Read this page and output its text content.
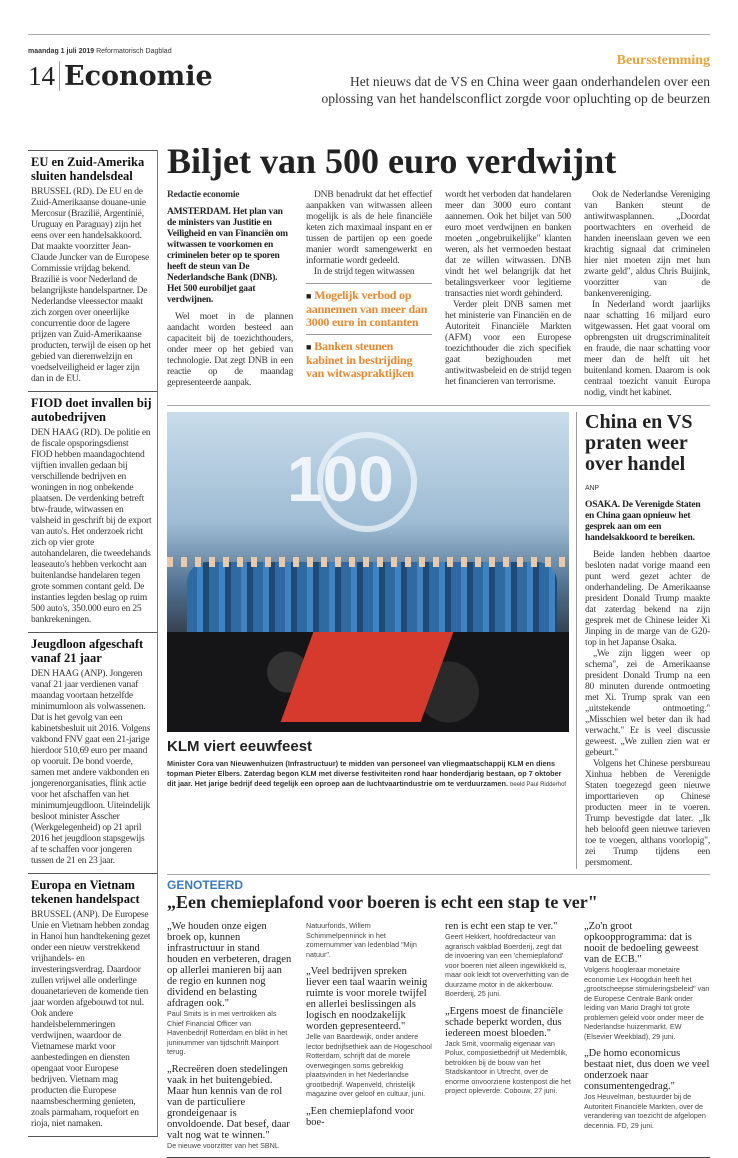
maandag 1 juli 2019 Reformatorisch Dagblad
14 Economie
Beursstemming
Het nieuws dat de VS en China weer gaan onderhandelen over een oplossing van het handelsconflict zorgde voor opluchting op de beurzen
EU en Zuid-Amerika sluiten handelsdeal
BRUSSEL (RD). De EU en de Zuid-Amerikaanse douane-unie Mercosur (Brazilië, Argentinië, Uruguay en Paraguay) zijn het eens over een handelsakkoord. Dat maakte voorzitter Jean-Claude Juncker van de Europese Commissie vrijdag bekend. Brazilië is voor Nederland de belangrijkste handelspartner. De Nederlandse vleessector maakt zich zorgen over oneerlijke concurrentie door de lagere prijzen van Zuid-Amerikaanse producten, terwijl de eisen op het gebied van dierenwelzijn en voedselveiligheid er lager zijn dan in de EU.
FIOD doet invallen bij autobedrijven
DEN HAAG (RD). De politie en de fiscale opsporingsdienst FIOD hebben maandagochtend vijftien invallen gedaan bij verschillende bedrijven en woningen in nog onbekende plaatsen. De verdenking betreft btw-fraude, witwassen en valsheid in geschrift bij de export van auto's. Het onderzoek richt zich op vier grote autohandelaren, die tweedehands leaseauto's hebben verkocht aan buitenlandse handelaren tegen grote sommen contant geld. De instanties legden beslag op ruim 500 auto's, 350.000 euro en 25 bankrekeningen.
Jeugdloon afgeschaft vanaf 21 jaar
DEN HAAG (ANP). Jongeren vanaf 21 jaar verdienen vanaf maandag voortaan hetzelfde minimumloon als volwassenen. Dat is het gevolg van een kabinetsbesluit uit 2016. Volgens vakbond FNV gaat een 21-jarige hierdoor 510,69 euro per maand op vooruit. De bond voerde, samen met andere vakbonden en jongerenorganisaties, flink actie voor het afschaffen van het minimumjeugdloon. Uiteindelijk besloot minister Asscher (Werkgelegenheid) op 21 april 2016 het jeugdloon stapsgewijs af te schaffen voor jongeren tussen de 21 en 23 jaar.
Europa en Vietnam tekenen handelspact
BRUSSEL (ANP). De Europese Unie en Vietnam hebben zondag in Hanoi hun handtekening gezet onder een nieuw verstrekkend vrijhandels- en investeringsverdrag. Daardoor zullen vrijwel alle onderlinge douanetarieven de komende tien jaar worden afgebouwd tot nul. Ook andere handelsbelemmeringen verdwijnen, waardoor de Vietnamese markt voor aanbestedingen en diensten opengaat voor Europese bedrijven. Vietnam mag producten die Europese naamsbescherming genieten, zoals parmaham, roquefort en rioja, niet namaken.
Biljet van 500 euro verdwijnt
Redactie economie
AMSTERDAM. Het plan van de ministers van Justitie en Veiligheid en van Financiën om witwassen te voorkomen en criminelen beter op te sporen heeft de steun van De Nederlandsche Bank (DNB). Het 500 eurobiljet gaat verdwijnen.

Wel moet in de plannen aandacht worden besteed aan capaciteit bij de toezichthouders, onder meer op het gebied van technologie. Dat zegt DNB in een reactie op de maandag gepresenteerde aanpak.

DNB benadrukt dat het effectief aanpakken van witwassen alleen mogelijk is als de hele financiële keten zich maximaal inspant en er tussen de partijen op een goede manier wordt samengewerkt en informatie wordt gedeeld.

In de strijd tegen witwassen

■ Mogelijk verbod op aannemen van meer dan 3000 euro in contanten
■ Banken steunen kabinet in bestrijding van witwaspraktijken

wordt het verboden dat handelaren meer dan 3000 euro contant aannemen. Ook het biljet van 500 euro moet verdwijnen en banken moeten „ongebruikelijke" klanten weren, als het vermoeden bestaat dat ze willen witwassen. DNB vindt het wel belangrijk dat het betalingsverkeer voor legitieme transacties niet wordt gehinderd.

Verder pleit DNB samen met het ministerie van Financiën en de Autoriteit Financiële Markten (AFM) voor een Europese toezichthouder die zich specifiek gaat bezighouden met antiwitwasbeleid en de strijd tegen het financieren van terrorisme.

Ook de Nederlandse Vereniging van Banken steunt de antiwitwasplannen. „Doordat poortwachters en overheid de handen ineenslaan geven we een krachtig signaal dat criminelen hier niet moeten zijn met hun zwarte geld", aldus Chris Buijink, voorzitter van de bankenvereniging.

In Nederland wordt jaarlijks naar schatting 16 miljard euro witgewassen. Het gaat vooral om opbrengsten uit drugscriminaliteit en fraude, die naar schatting voor meer dan de helft uit het buitenland komen. Daarom is ook centraal toezicht vanuit Europa nodig, vindt het kabinet.

100
KLM viert eeuwfeest
Minister Cora van Nieuwenhuizen (Infrastructuur) te midden van personeel van vliegmaatschappij KLM en diens topman Pieter Elbers. Zaterdag begon KLM met diverse festiviteiten rond haar honderdjarig bestaan, op 7 oktober dit jaar. Het jarige bedrijf deed tegelijk een oproep aan de luchtvaartindustrie om te verduurzamen. beeld Paul Ridderhof
China en VS praten weer over handel
ANP
OSAKA. De Verenigde Staten en China gaan opnieuw het gesprek aan om een handelsakkoord te bereiken.

Beide landen hebben daartoe besloten nadat vorige maand een punt werd gezet achter de onderhandeling. De Amerikaanse president Donald Trump maakte dat zaterdag bekend na zijn gesprek met de Chinese leider Xi Jinping in de marge van de G20-top in het Japanse Osaka.

„We zijn liggen weer op schema", zei de Amerikaanse president Donald Trump na een 80 minuten durende ontmoeting met Xi. Trump sprak van een „uitstekende ontmoeting." „Misschien wel beter dan ik had verwacht." Er is veel discussie geweest. „We zullen zien wat er gebeurt."

Volgens het Chinese persbureau Xinhua hebben de Verenigde Staten toegezegd geen nieuwe importtarieven op Chinese producten meer in te voeren. Trump bevestigde dat later. „Ik heb beloofd geen nieuwe tarieven toe te voegen, althans voorlopig", zei Trump tijdens een persmoment.

GENOTEERD
„Een chemieplafond voor boeren is echt een stap te ver"
„We houden onze eigen broek op, kunnen infrastructuur in stand houden en verbeteren, dragen op allerlei manieren bij aan de regio en kunnen nog dividend en belasting afdragen ook."
Paul Smits is in mei vertrokken als Chief Financial Officer van Havenbedrijf Rotterdam en blikt in het juninummer van tijdschrift Mainport terug.
„Recreëren doen stedelingen vaak in het buitengebied. Maar hun kennis van de rol van de particuliere grondeigenaar is onvoldoende. Dat besef, daar valt nog wat te winnen."
De nieuwe voorzitter van het SBNL
Natuurfonds, Willem Schimmelpenninck in het zomernummer van ledenblad "Mijn natuur".
„Veel bedrijven spreken liever een taal waarin weinig ruimte is voor morele twijfel en allerlei beslissingen als logisch en noodzakelijk worden gepresenteerd."
Jelle van Baardewijk, onder andere lector bedrijfsethiek aan de Hogeschool Rotterdam, schrijft dat de morele overwegingen soms gebrekkig plaatsvinden in het Nederlandse grootbedrijf. Wapenveld, christelijk magazine over geloof en cultuur, juni.
„Een chemieplafond voor boe-
ren is echt een stap te ver."
Geert Hekkert, hoofdredacteur van agrarisch vakblad Boerderij, zegt dat de invoering van een 'chemieplafond' voor boeren niet alleen ingewikkeld is, maar ook leidt tot oververhitting van de duurzame motor in de akkerbouw. Boerderij, 25 juni.
„Ergens moest de financiële schade beperkt worden, dus iedereen moest bloeden."
Jack Smit, voormalig eigenaar van Polux, composietbedrijf uit Medemblik, betrokken bij de bouw van het Stadskantoor in Utrecht, over de enorme onvoorziene kostenpost die het project opleverde. Cobouw, 27 juni.
„Zo'n groot opkoopprogramma: dat is nooit de bedoeling geweest van de ECB."
Volgens hoogleraar monetaire economie Lex Hoogduin heeft het „grootscheepse stimuleringsbeleid" van de Europese Centrale Bank onder leiding van Mario Draghi tot grote problemen geleid voor onder meer de Nederlandse huizenmarkt. EW (Elsevier Weekblad), 29 juni.
„De homo economicus bestaat niet, dus doen we veel onderzoek naar consumentengedrag."
Jos Heuvelman, bestuurder bij de Autoriteit Financiële Markten, over de verandering van toezicht de afgelopen decennia. FD, 29 juni.
